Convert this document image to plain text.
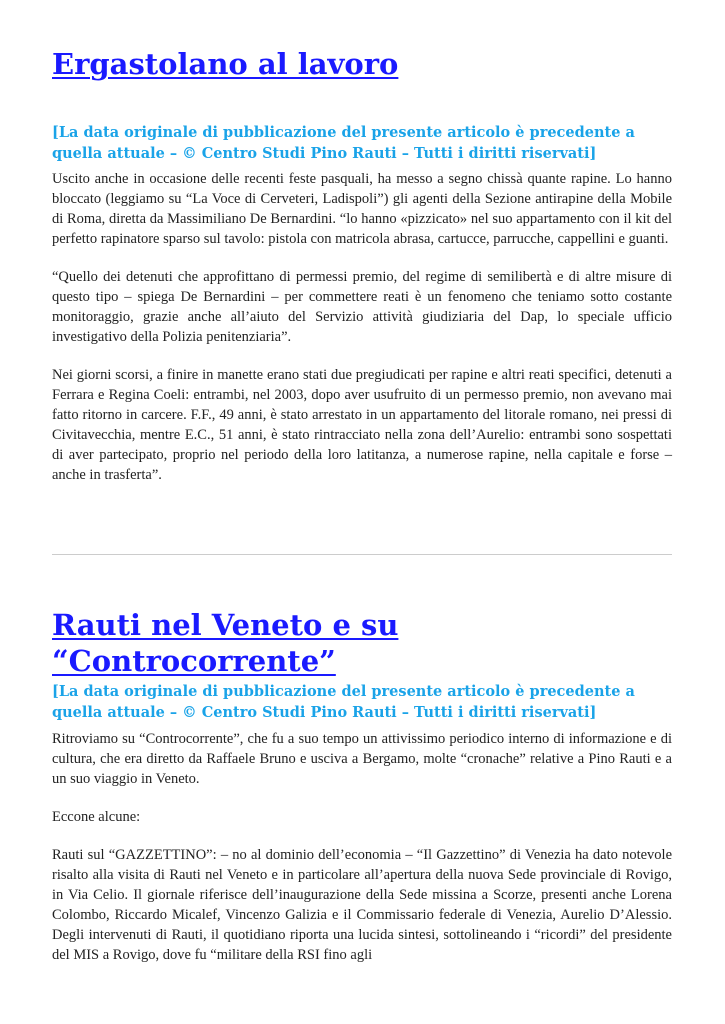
Ergastolano al lavoro

[La data originale di pubblicazione del presente articolo è precedente a quella attuale – © Centro Studi Pino Rauti – Tutti i diritti riservati]

Uscito anche in occasione delle recenti feste pasquali, ha messo a segno chissà quante rapine. Lo hanno bloccato (leggiamo su “La Voce di Cerveteri, Ladispoli”) gli agenti della Sezione antirapine della Mobile di Roma, diretta da Massimiliano De Bernardini. “lo hanno «pizzicato» nel suo appartamento con il kit del perfetto rapinatore sparso sul tavolo: pistola con matricola abrasa, cartucce, parrucche, cappellini e guanti.

“Quello dei detenuti che approfittano di permessi premio, del regime di semilibertà e di altre misure di questo tipo – spiega De Bernardini – per commettere reati è un fenomeno che teniamo sotto costante monitoraggio, grazie anche all’aiuto del Servizio attività giudiziaria del Dap, lo speciale ufficio investigativo della Polizia penitenziaria”.

Nei giorni scorsi, a finire in manette erano stati due pregiudicati per rapine e altri reati specifici, detenuti a Ferrara e Regina Coeli: entrambi, nel 2003, dopo aver usufruito di un permesso premio, non avevano mai fatto ritorno in carcere. F.F., 49 anni, è stato arrestato in un appartamento del litorale romano, nei pressi di Civitavecchia, mentre E.C., 51 anni, è stato rintracciato nella zona dell’Aurelio: entrambi sono sospettati di aver partecipato, proprio nel periodo della loro latitanza, a numerose rapine, nella capitale e forse – anche in trasferta”.

Rauti nel Veneto e su “Controcorrente”

[La data originale di pubblicazione del presente articolo è precedente a quella attuale – © Centro Studi Pino Rauti – Tutti i diritti riservati]

Ritroviamo su “Controcorrente”, che fu a suo tempo un attivissimo periodico interno di informazione e di cultura, che era diretto da Raffaele Bruno e usciva a Bergamo, molte “cronache” relative a Pino Rauti e a un suo viaggio in Veneto.

Eccone alcune:

Rauti sul “GAZZETTINO”: – no al dominio dell’economia – “Il Gazzettino” di Venezia ha dato notevole risalto alla visita di Rauti nel Veneto e in particolare all’apertura della nuova Sede provinciale di Rovigo, in Via Celio. Il giornale riferisce dell’inaugurazione della Sede missina a Scorze, presenti anche Lorena Colombo, Riccardo Micalef, Vincenzo Galizia e il Commissario federale di Venezia, Aurelio D’Alessio. Degli intervenuti di Rauti, il quotidiano riporta una lucida sintesi, sottolineando i “ricordi” del presidente del MIS a Rovigo, dove fu “militare della RSI fino agli
